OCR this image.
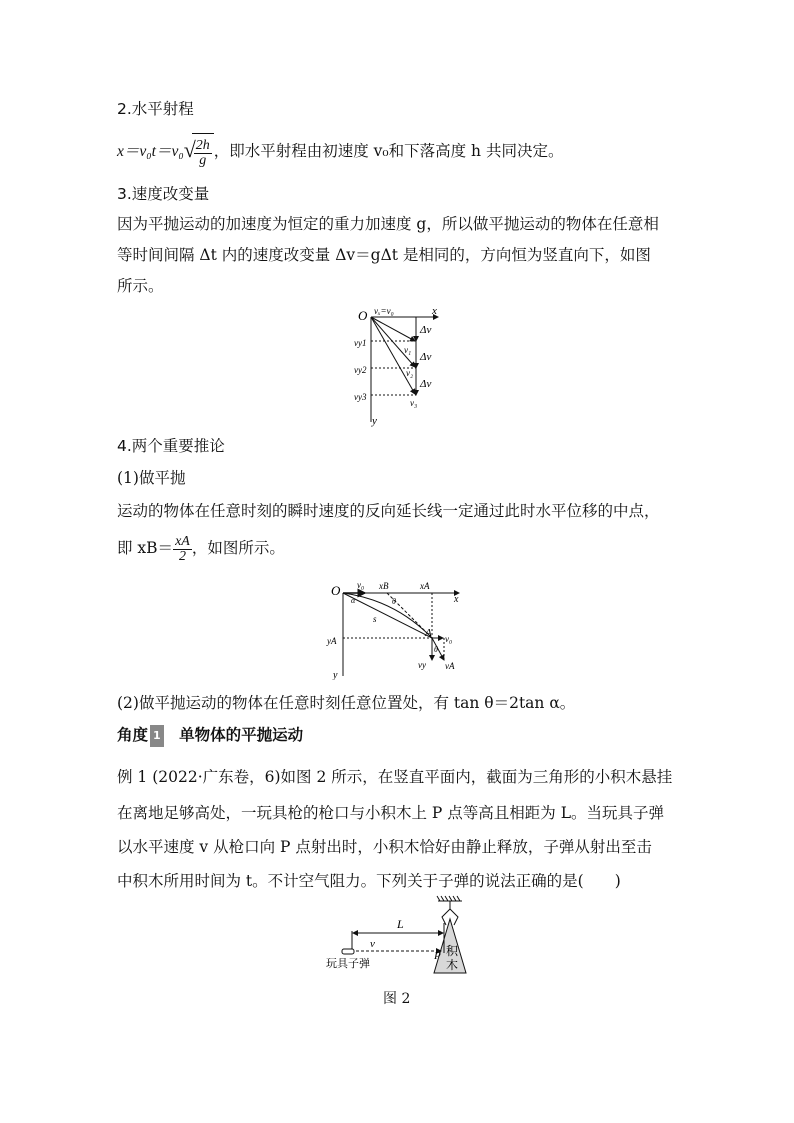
2.水平射程
x＝v₀t＝v₀ √
$\frac{2h}{g}$ ，即水平射程由初速度 v₀和下落高度 h 共同决定。
3.速度改变量
因为平抛运动的加速度为恒定的重力加速度 g，所以做平抛运动的物体在任意相
等时间间隔 Δt 内的速度改变量 Δv＝gΔt 是相同的，方向恒为竖直向下，如图
所示。
O	x
y
vₓ=v₀
vy1
vy2
vy3
Δv
Δv
Δv
v₁
v₂
v₃
4.两个重要推论
(1)做平抛
运动的物体在任意时刻的瞬时速度的反向延长线一定通过此时水平位移的中点，
即 $xB= \frac{xA}{2}$ ，如图所示。
O
x
y
v₀ xB	xA
s
α	θ
yA
A v₀
vy vA
θ
(2)做平抛运动的物体在任意时刻任意位置处，有 tan θ＝2tan α。
角度 1 单物体的平抛运动
例 1 (2022·广东卷，6)如图 2 所示，在竖直平面内，截面为三角形的小积木悬挂
在离地足够高处，一玩具枪的枪口与小积木上 P 点等高且相距为 L。当玩具子弹
以水平速度 v 从枪口向 P 点射出时，小积木恰好由静止释放，子弹从射出至击
中积木所用时间为 t。不计空气阻力。下列关于子弹的说法正确的是(　　)
积
木
L
v
P
玩具子弹
图 2
